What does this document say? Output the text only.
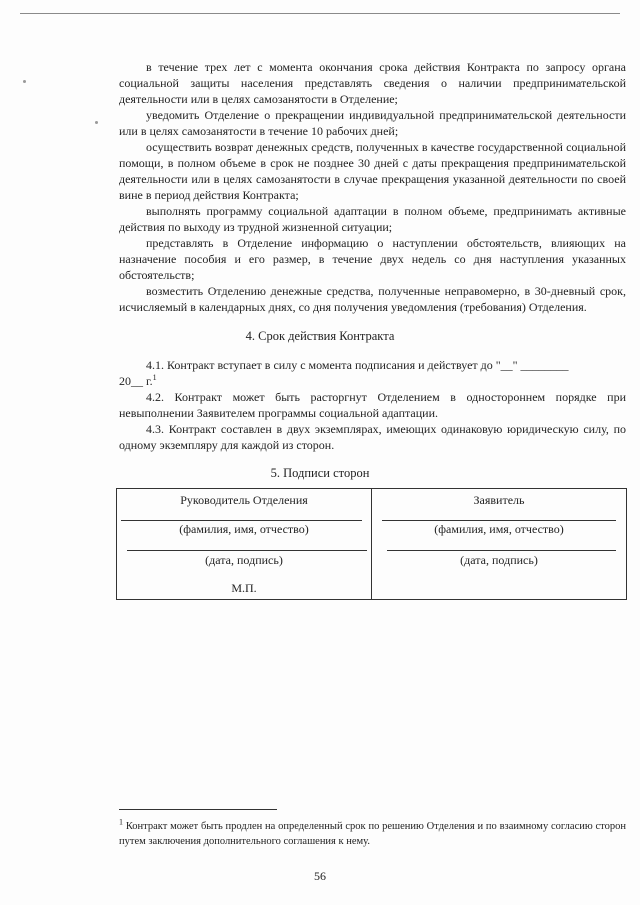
в течение трех лет с момента окончания срока действия Контракта по запросу органа социальной защиты населения представлять сведения о наличии предпринимательской деятельности или в целях самозанятости в Отделение;

уведомить Отделение о прекращении индивидуальной предпринимательской деятельности или в целях самозанятости в течение 10 рабочих дней;

осуществить возврат денежных средств, полученных в качестве государственной социальной помощи, в полном объеме в срок не позднее 30 дней с даты прекращения предпринимательской деятельности или в целях самозанятости в случае прекращения указанной деятельности по своей вине в период действия Контракта;

выполнять программу социальной адаптации в полном объеме, предпринимать активные действия по выходу из трудной жизненной ситуации;

представлять в Отделение информацию о наступлении обстоятельств, влияющих на назначение пособия и его размер, в течение двух недель со дня наступления указанных обстоятельств;

возместить Отделению денежные средства, полученные неправомерно, в 30-дневный срок, исчисляемый в календарных днях, со дня получения уведомления (требования) Отделения.

4. Срок действия Контракта

4.1. Контракт вступает в силу с момента подписания и действует до "__" ________
20__ г.$^1$

4.2. Контракт может быть расторгнут Отделением в одностороннем порядке при невыполнении Заявителем программы социальной адаптации.

4.3. Контракт составлен в двух экземплярах, имеющих одинаковую юридическую силу, по одному экземпляру для каждой из сторон.

5. Подписи сторон

Руководитель Отделения
(фамилия, имя, отчество)
(дата, подпись)
М.П.

Заявитель
(фамилия, имя, отчество)
(дата, подпись)

$^1$ Контракт может быть продлен на определенный срок по решению Отделения и по взаимному согласию сторон путем заключения дополнительного соглашения к нему.

56
